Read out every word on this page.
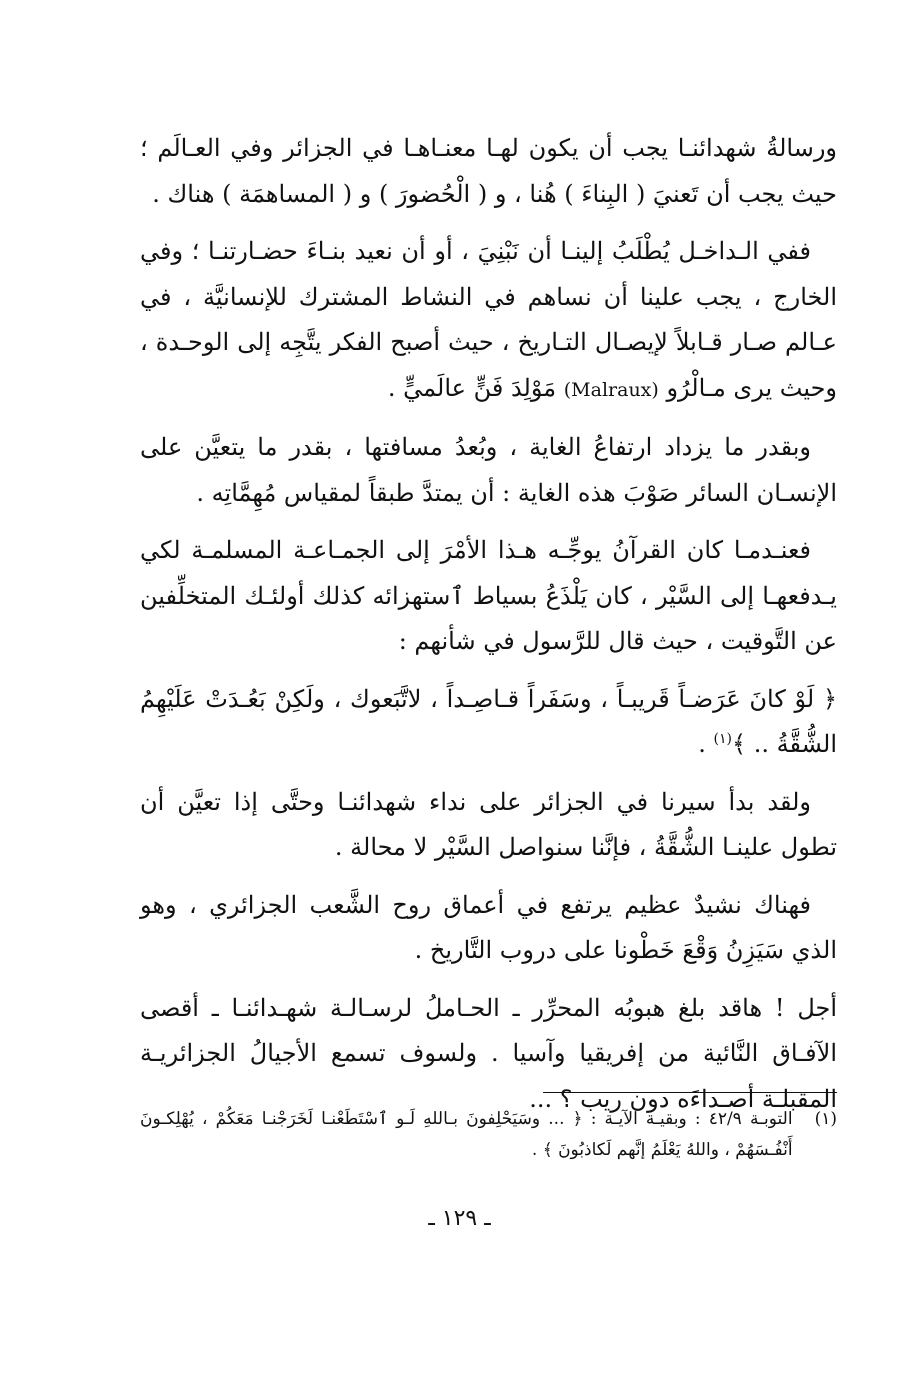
ورسالةُ شهدائنـا يجب أن يكون لهـا معنـاهـا في الجزائر وفي العـالَم ؛ حيث يجب أن تَعنيَ ( البِناءَ ) هُنا ، و ( الْحُضورَ ) و ( المساهمَة ) هناك .

ففي الـداخـل يُطْلَبُ إلينـا أن نَبْنِيَ ، أو أن نعيد بنـاءَ حضـارتنـا ؛ وفي الخارج ، يجب علينا أن نساهم في النشاط المشترك للإنسانيَّة ، في عـالم صـار قـابلاً لإيصـال التـاريخ ، حيث أصبح الفكر يتَّجِه إلى الوحـدة ، وحيث يرى مـالْرُو (Malraux) مَوْلِدَ فَنٍّ عالَميٍّ .

وبقدر ما يزداد ارتفاعُ الغاية ، وبُعدُ مسافتها ، بقدر ما يتعيَّن على الإنسـان السائر صَوْبَ هذه الغاية : أن يمتدَّ طبقاً لمقياس مُهِمَّاتِه .

فعنـدمـا كان القرآنُ يوجِّـه هـذا الأمْرَ إلى الجمـاعـة المسلمـة لكي يـدفعهـا إلى السَّيْر ، كان يَلْذَعُ بسياط ٱستهزائه كذلك أولئـك المتخلِّفين عن التَّوقيت ، حيث قال للرَّسول في شأنهم :

﴿ لَوْ كانَ عَرَضـاً قَريبـاً ، وسَفَراً قـاصِـداً ، لاتَّبَعوك ، ولَكِنْ بَعُـدَتْ عَلَيْهِمُ الشُّقَّةُ .. ﴾$^{(١)}$ .

ولقد بدأ سيرنا في الجزائر على نداء شهدائنـا وحتَّى إذا تعيَّن أن تطول علينـا الشُّقَّةُ ، فإنَّنا سنواصل السَّيْر لا محالة .

فهناك نشيدٌ عظيم يرتفع في أعماق روح الشَّعب الجزائري ، وهو الذي سَيَزِنُ وَقْعَ خَطْونا على دروب التَّاريخ .

أجل ! هاقد بلغ هبوبُه المحرِّر ـ الحـاملُ لرسـالـة شهـدائنـا ـ أقصى الآفـاق النَّائية من إفريقيا وآسيا . ولسوف تسمع الأجيالُ الجزائريـة المقبلـة أصـداءَه دون ريب ؟ ...

(١)

التوبـة ٤٢/٩ : وبقيـة الآيـة : ﴿ ... وسَيَحْلِفونَ بـاللهِ لَـو ٱسْتَطَعْنـا لَخَرَجْنـا مَعَكُمْ ، يُهْلِكـونَ أَنْفُـسَهُمْ ، واللهُ يَعْلَمُ إنَّهم لَكاذبُونَ ﴾ .

ـ ١٢٩ ـ
